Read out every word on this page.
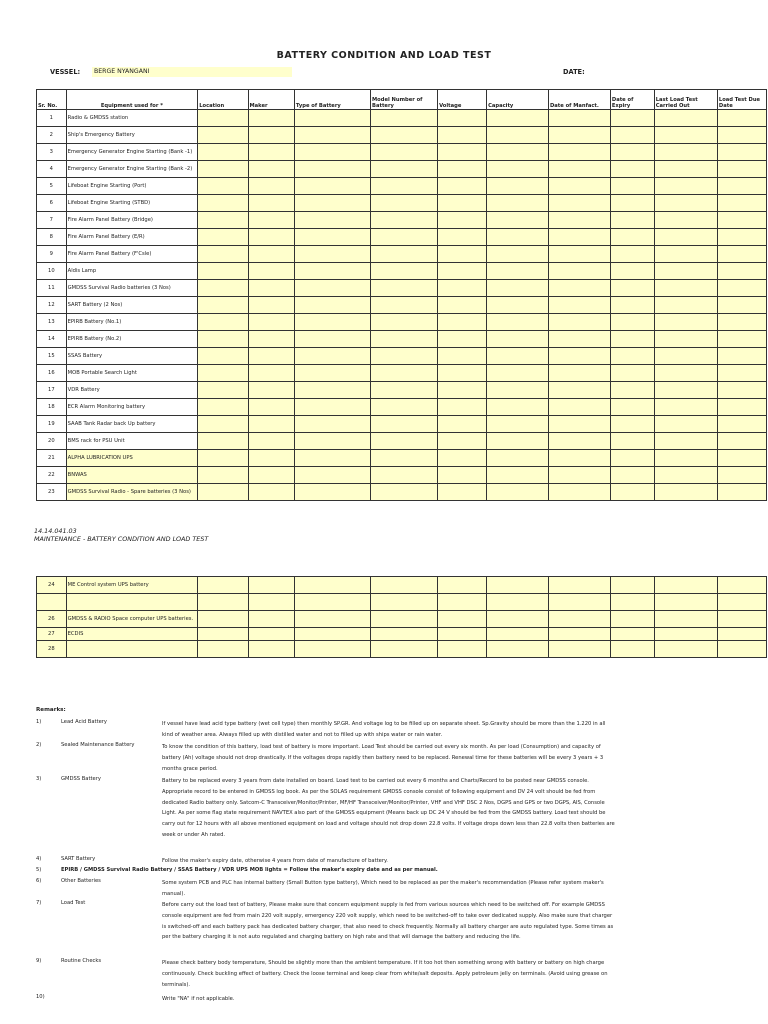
BATTERY CONDITION AND LOAD TEST
VESSEL:	BERGE NYANGANI	DATE:
Sr. No.	Equipment used for *	Location	Maker	Type of Battery	Model Number of Battery	Voltage	Capacity	Date of Manfact.	Date of Expiry	Last Load Test Carried Out	Load Test Due Date
1	Radio & GMDSS station										
2	Ship's Emergency Battery										
3	Emergency Generator Engine Starting (Bank -1)										
4	Emergency Generator Engine Starting (Bank -2)										
5	Lifeboat Engine Starting (Port)										
6	Lifeboat Engine Starting (STBD)										
7	Fire Alarm Panel Battery (Bridge)										
8	Fire Alarm Panel Battery (E/R)										
9	Fire Alarm Panel Battery (F'Csle)										
10	Aldis Lamp										
11	GMDSS Survival Radio batteries (3 Nos)										
12	SART Battery (2 Nos)										
13	EPIRB Battery (No.1)										
14	EPIRB Battery (No.2)										
15	SSAS Battery										
16	MOB Portable Search Light										
17	VDR Battery										
18	ECR Alarm Monitoring battery										
19	SAAB Tank Radar back Up battery										
20	BMS rack for PSU Unit										
21	ALPHA LUBRICATION UPS										
22	BNWAS										
23	GMDSS Survival Radio - Spare batteries (3 Nos)										
14.14.041.03
MAINTENANCE - BATTERY CONDITION AND LOAD TEST
24	ME Control system UPS battery										

26	GMDSS & RADIO Space computer UPS batteries.										
27	ECDIS										
28											
Remarks:
1)	Lead Acid Battery	If vessel have lead acid type battery (wet cell type) then monthly SP.GR. And voltage log to be filled up on separate sheet. Sp.Gravity should be more than the 1.220 in all kind of weather area. Always filled up with distilled water and not to filled up with ships water or rain water.
2)	Sealed Maintenance Battery	To know the condition of this battery, load test of battery is more important. Load Test should be carried out every six month. As per load (Consumption) and capacity of battery (Ah) voltage should not drop drastically. If the voltages drops rapidly then battery need to be replaced. Renewal time for these batteries will be every 3 years + 3 months grace period.
3)	GMDSS Battery	Battery to be replaced every 3 years from date installed on board. Load test to be carried out every 6 months and Charts/Record to be posted near GMDSS console. Appropriate record to be entered in GMDSS log book. As per the SOLAS requirement GMDSS console consist of following equipment and DV 24 volt should be fed from dedicated Radio battery only. Satcom-C Transceiver/Monitor/Printer, MF/HF Transceiver/Monitor/Printer, VHF and VHF DSC 2 Nos, DGPS and GPS or two DGPS, AIS, Console Light. As per some flag state requirement NAVTEX also part of the GMDSS equipment (Means back up DC 24 V should be fed from the GMDSS battery. Load test should be carry out for 12 hours with all above mentioned equipment on load and voltage should not drop down 22.8 volts. If voltage drops down less than 22.8 volts then batteries are week or under Ah rated.
4)	SART Battery	Follow the maker's expiry date, otherwise 4 years from date of manufacture of battery.
5)	EPIRB / GMDSS Survival Radio Battery / SSAS Battery / VDR UPS MOB lights = Follow the maker's expiry date and as per manual.
6)	Other Batteries	Some system PCB and PLC has internal battery (Small Button type battery), Which need to be replaced as per the maker's recommendation (Please refer system maker's manual).
7)	Load Test	Before carry out the load test of battery, Please make sure that concern equipment supply is fed from various sources which need to be switched off. For example GMDSS console equipment are fed from main 220 volt supply, emergency 220 volt supply, which need to be switched-off to take over dedicated supply. Also make sure that charger is switched-off and each battery pack has dedicated battery charger, that also need to check frequently. Normally all battery charger are auto regulated type. Some times as per the battery charging it is not auto regulated and charging battery on high rate and that will damage the battery and reducing the life.
9)	Routine Checks	Please check battery body temperature, Should be slightly more than the ambient temperature. If it too hot then something wrong with battery or battery on high charge continuously. Check buckling effect of battery. Check the loose terminal and keep clear from white/salt deposits. Apply petroleum jelly on terminals. (Avoid using grease on terminals).
10)	Write "NA" if not applicable.
